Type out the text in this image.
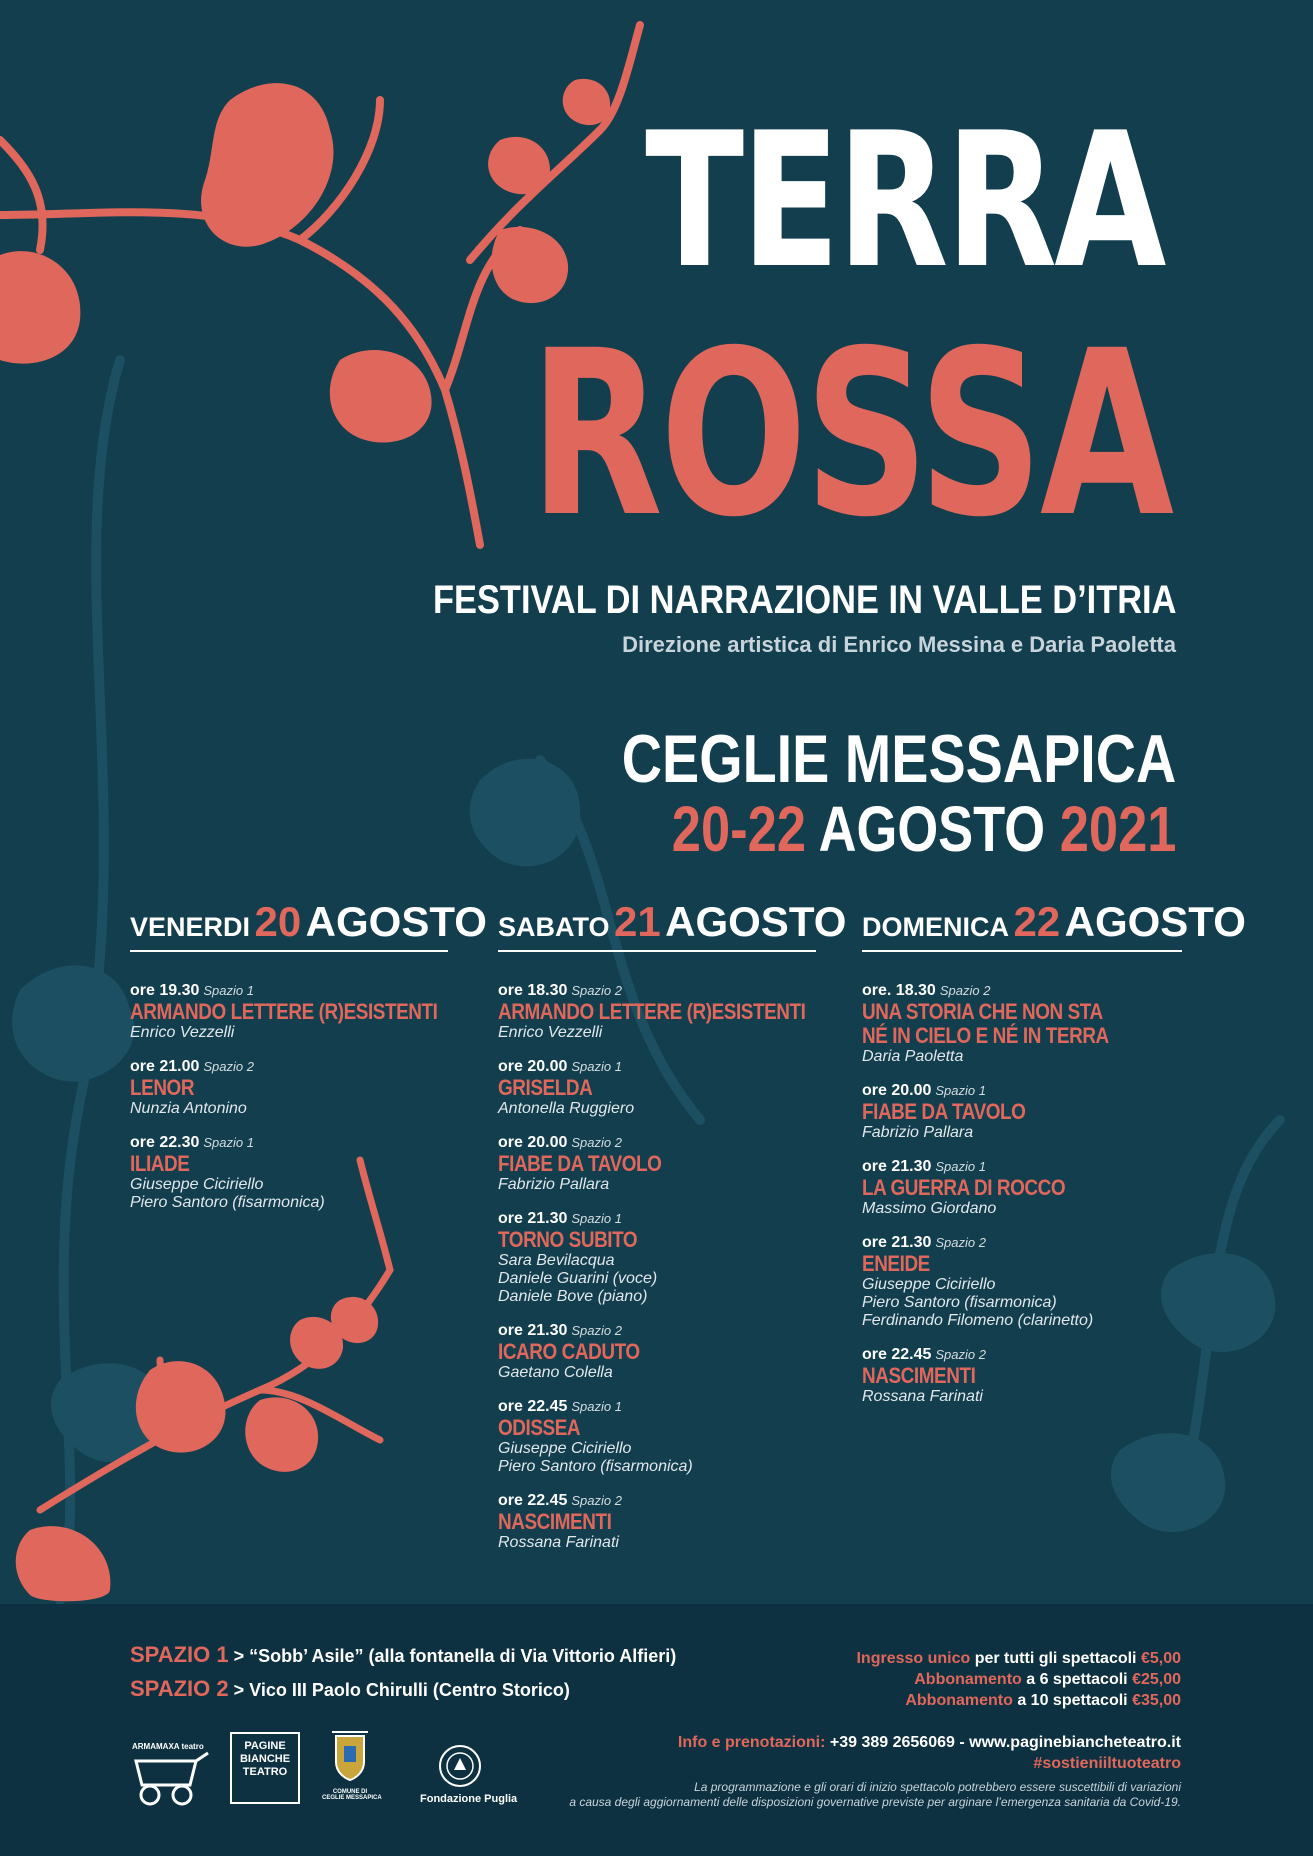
TERRA
ROSSA
FESTIVAL DI NARRAZIONE IN VALLE D’ITRIA
Direzione artistica di Enrico Messina e Daria Paoletta
CEGLIE MESSAPICA
20-22 AGOSTO 2021
VENERDI 20 AGOSTO
ore 19.30 Spazio 1
ARMANDO LETTERE (R)ESISTENTI
Enrico Vezzelli
ore 21.00 Spazio 2
LENOR
Nunzia Antonino
ore 22.30 Spazio 1
ILIADE
Giuseppe Ciciriello
Piero Santoro (fisarmonica)
SABATO 21 AGOSTO
ore 18.30 Spazio 2
ARMANDO LETTERE (R)ESISTENTI
Enrico Vezzelli
ore 20.00 Spazio 1
GRISELDA
Antonella Ruggiero
ore 20.00 Spazio 2
FIABE DA TAVOLO
Fabrizio Pallara
ore 21.30 Spazio 1
TORNO SUBITO
Sara Bevilacqua
Daniele Guarini (voce)
Daniele Bove (piano)
ore 21.30 Spazio 2
ICARO CADUTO
Gaetano Colella
ore 22.45 Spazio 1
ODISSEA
Giuseppe Ciciriello
Piero Santoro (fisarmonica)
ore 22.45 Spazio 2
NASCIMENTI
Rossana Farinati
DOMENICA 22 AGOSTO
ore. 18.30 Spazio 2
UNA STORIA CHE NON STA
NÉ IN CIELO E NÉ IN TERRA
Daria Paoletta
ore 20.00 Spazio 1
FIABE DA TAVOLO
Fabrizio Pallara
ore 21.30 Spazio 1
LA GUERRA DI ROCCO
Massimo Giordano
ore 21.30 Spazio 2
ENEIDE
Giuseppe Ciciriello
Piero Santoro (fisarmonica)
Ferdinando Filomeno (clarinetto)
ore 22.45 Spazio 2
NASCIMENTI
Rossana Farinati
SPAZIO 1 > “Sobb’ Asile” (alla fontanella di Via Vittorio Alfieri)
SPAZIO 2 > Vico III Paolo Chirulli (Centro Storico)
Ingresso unico per tutti gli spettacoli €5,00
Abbonamento a 6 spettacoli €25,00
Abbonamento a 10 spettacoli €35,00
Info e prenotazioni: +39 389 2656069 - www.paginebiancheteatro.it
#sostieniiltuoteatro
La programmazione e gli orari di inizio spettacolo potrebbero essere suscettibili di variazioni
a causa degli aggiornamenti delle disposizioni governative previste per arginare l’emergenza sanitaria da Covid-19.
ARMAMAXA teatro	PAGINE
BIANCHE
TEATRO
COMUNE DI
CEGLIE MESSAPICA	Fondazione Puglia
